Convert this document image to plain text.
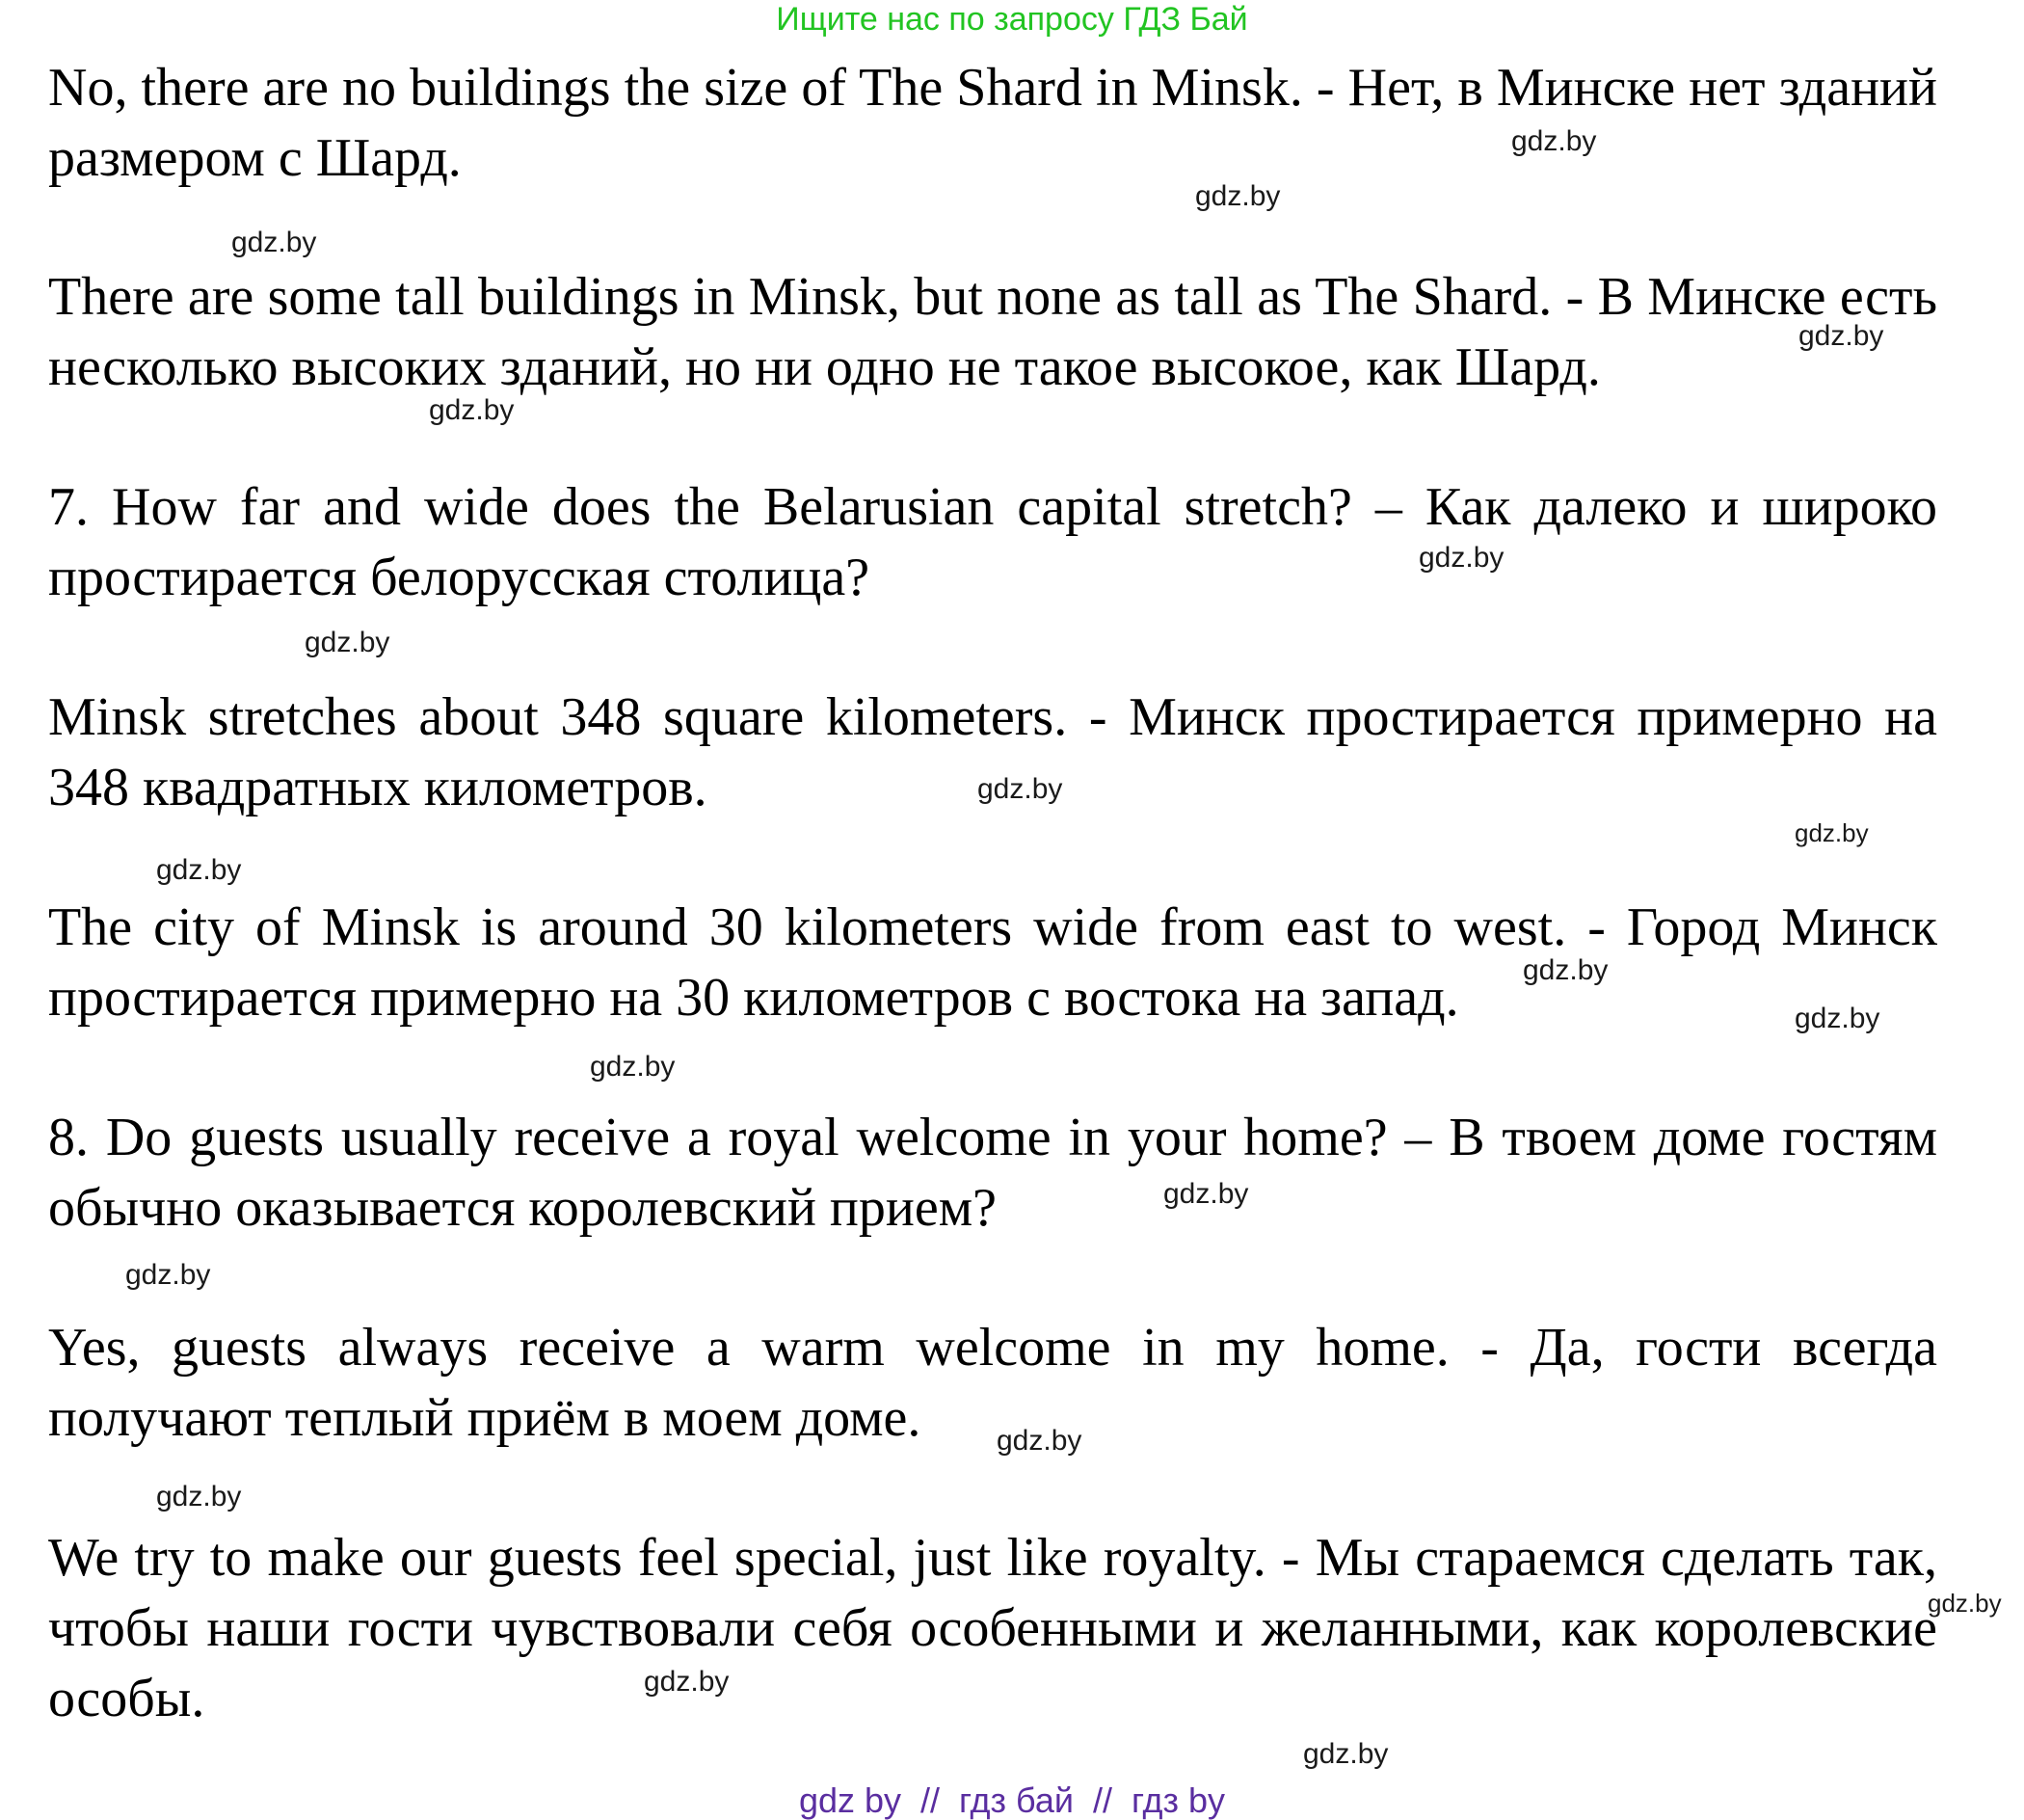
Ищите нас по запросу ГДЗ Бай

No, there are no buildings the size of The Shard in Minsk. - Нет, в Минске нет зданий размером с Шард.

There are some tall buildings in Minsk, but none as tall as The Shard. - В Минске есть несколько высоких зданий, но ни одно не такое высокое, как Шард.

7. How far and wide does the Belarusian capital stretch? – Как далеко и широко простирается белорусская столица?

Minsk stretches about 348 square kilometers. - Минск простирается примерно на 348 квадратных километров.

The city of Minsk is around 30 kilometers wide from east to west. - Город Минск простирается примерно на 30 километров с востока на запад.

8. Do guests usually receive a royal welcome in your home? – В твоем доме гостям обычно оказывается королевский прием?

Yes, guests always receive a warm welcome in my home. - Да, гости всегда получают теплый приём в моем доме.

We try to make our guests feel special, just like royalty. - Мы стараемся сделать так, чтобы наши гости чувствовали себя особенными и желанными, как королевские особы.

gdz.by
gdz.by
gdz.by
gdz.by
gdz.by
gdz.by
gdz.by
gdz.by
gdz.by
gdz.by
gdz.by
gdz.by
gdz.by
gdz.by
gdz.by
gdz.by
gdz.by
gdz.by
gdz.by
gdz.by
gdz by  //  гдз бай  //  гдз by
